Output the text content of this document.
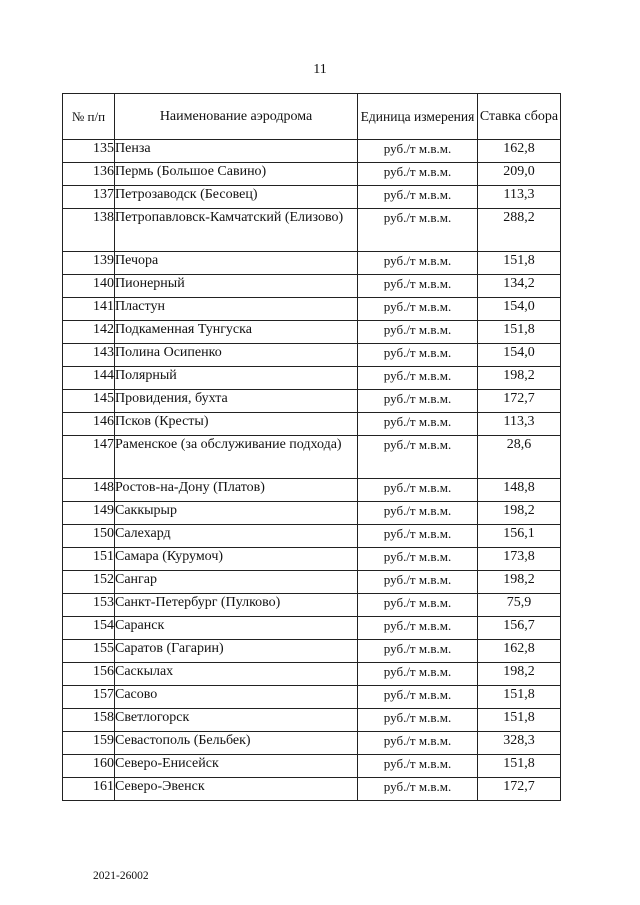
11
№ п/п	Наименование аэродрома	Единица измерения	Ставка сбора
135	Пенза	руб./т м.в.м.	162,8
136	Пермь (Большое Савино)	руб./т м.в.м.	209,0
137	Петрозаводск (Бесовец)	руб./т м.в.м.	113,3
138	Петропавловск-Камчатский (Елизово)	руб./т м.в.м.	288,2
139	Печора	руб./т м.в.м.	151,8
140	Пионерный	руб./т м.в.м.	134,2
141	Пластун	руб./т м.в.м.	154,0
142	Подкаменная Тунгуска	руб./т м.в.м.	151,8
143	Полина Осипенко	руб./т м.в.м.	154,0
144	Полярный	руб./т м.в.м.	198,2
145	Провидения, бухта	руб./т м.в.м.	172,7
146	Псков (Кресты)	руб./т м.в.м.	113,3
147	Раменское (за обслуживание подхода)	руб./т м.в.м.	28,6
148	Ростов-на-Дону (Платов)	руб./т м.в.м.	148,8
149	Саккырыр	руб./т м.в.м.	198,2
150	Салехард	руб./т м.в.м.	156,1
151	Самара (Курумоч)	руб./т м.в.м.	173,8
152	Сангар	руб./т м.в.м.	198,2
153	Санкт-Петербург (Пулково)	руб./т м.в.м.	75,9
154	Саранск	руб./т м.в.м.	156,7
155	Саратов (Гагарин)	руб./т м.в.м.	162,8
156	Саскылах	руб./т м.в.м.	198,2
157	Сасово	руб./т м.в.м.	151,8
158	Светлогорск	руб./т м.в.м.	151,8
159	Севастополь (Бельбек)	руб./т м.в.м.	328,3
160	Северо-Енисейск	руб./т м.в.м.	151,8
161	Северо-Эвенск	руб./т м.в.м.	172,7
2021-26002
